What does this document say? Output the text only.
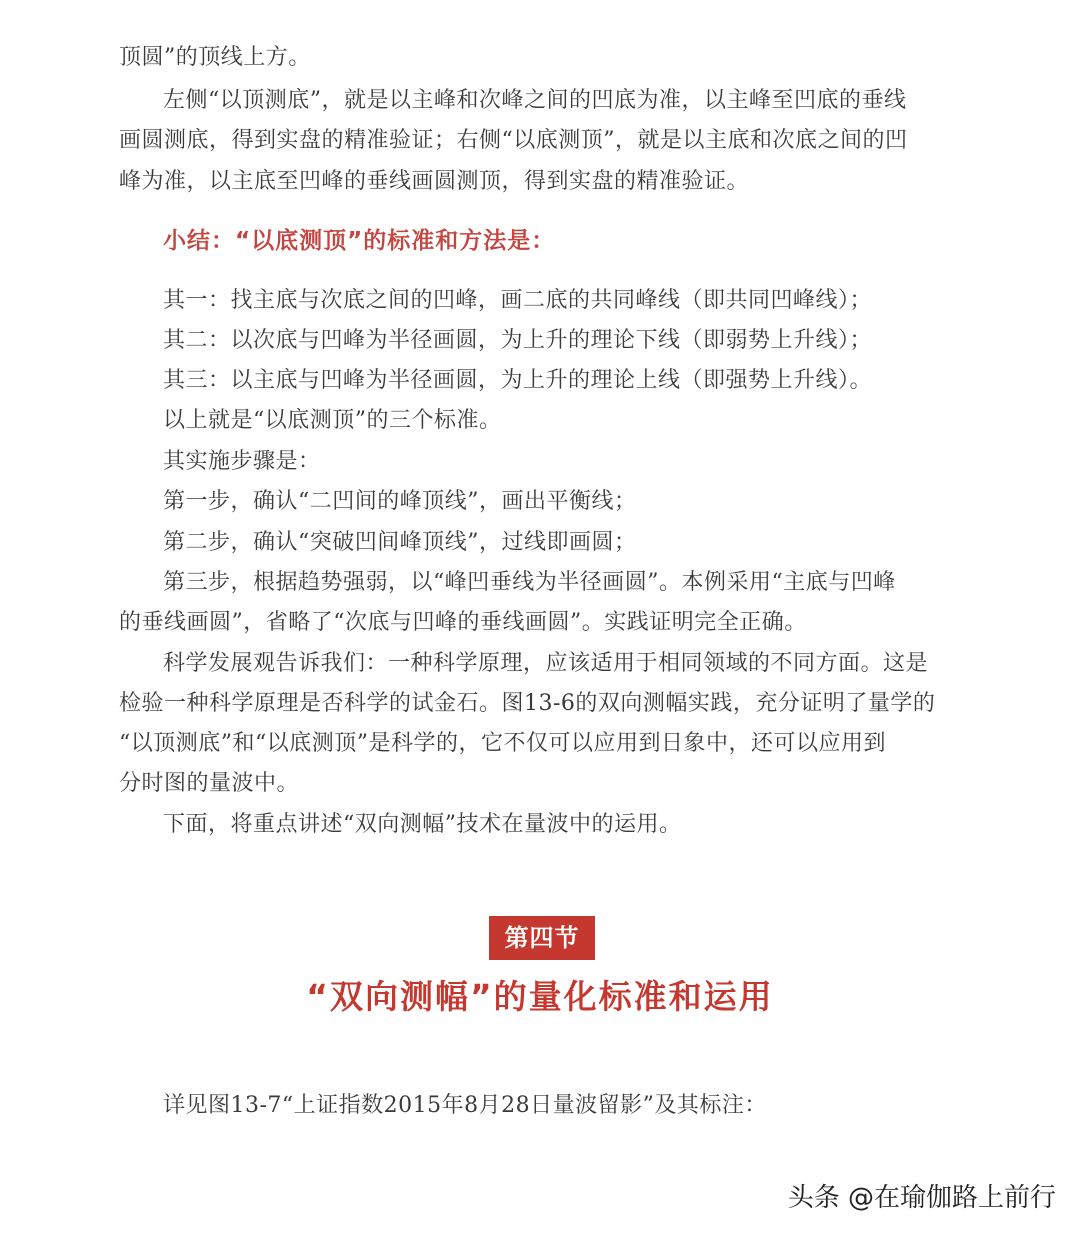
顶圆”的顶线上方。
左侧“以顶测底”，就是以主峰和次峰之间的凹底为准，以主峰至凹底的垂线
画圆测底，得到实盘的精准验证；右侧“以底测顶”，就是以主底和次底之间的凹
峰为准，以主底至凹峰的垂线画圆测顶，得到实盘的精准验证。
小结：“以底测顶”的标准和方法是：
其一：找主底与次底之间的凹峰，画二底的共同峰线（即共同凹峰线）；
其二：以次底与凹峰为半径画圆，为上升的理论下线（即弱势上升线）；
其三：以主底与凹峰为半径画圆，为上升的理论上线（即强势上升线）。
以上就是“以底测顶”的三个标准。
其实施步骤是：
第一步，确认“二凹间的峰顶线”，画出平衡线；
第二步，确认“突破凹间峰顶线”，过线即画圆；
第三步，根据趋势强弱，以“峰凹垂线为半径画圆”。本例采用“主底与凹峰
的垂线画圆”，省略了“次底与凹峰的垂线画圆”。实践证明完全正确。
科学发展观告诉我们：一种科学原理，应该适用于相同领域的不同方面。这是
检验一种科学原理是否科学的试金石。图13-6的双向测幅实践，充分证明了量学的
“以顶测底”和“以底测顶”是科学的，它不仅可以应用到日象中，还可以应用到
分时图的量波中。
下面，将重点讲述“双向测幅”技术在量波中的运用。
第四节
“双向测幅”的量化标准和运用
详见图13-7“上证指数2015年8月28日量波留影”及其标注：
头条 @在瑜伽路上前行
